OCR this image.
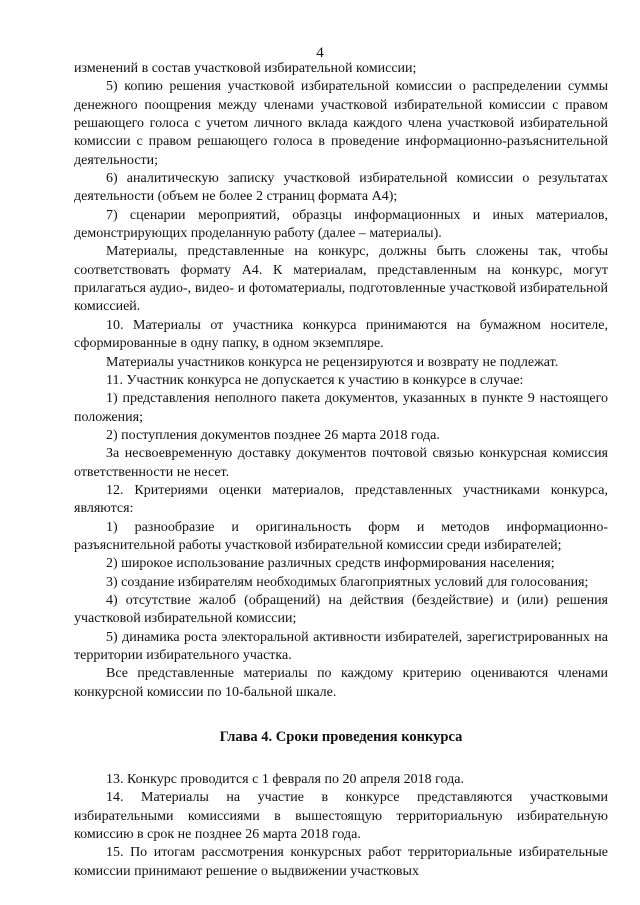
4

изменений в состав участковой избирательной комиссии;

5) копию решения участковой избирательной комиссии о распределении суммы денежного поощрения между членами участковой избирательной комиссии с правом решающего голоса с учетом личного вклада каждого члена участковой избирательной комиссии с правом решающего голоса в проведение информационно-разъяснительной деятельности;

6) аналитическую записку участковой избирательной комиссии о результатах деятельности (объем не более 2 страниц формата А4);

7) сценарии мероприятий, образцы информационных и иных материалов, демонстрирующих проделанную работу (далее – материалы).

Материалы, представленные на конкурс, должны быть сложены так, чтобы соответствовать формату А4. К материалам, представленным на конкурс, могут прилагаться аудио-, видео- и фотоматериалы, подготовленные участковой избирательной комиссией.

10. Материалы от участника конкурса принимаются на бумажном носителе, сформированные в одну папку, в одном экземпляре.

Материалы участников конкурса не рецензируются и возврату не подлежат.

11. Участник конкурса не допускается к участию в конкурсе в случае:

1) представления неполного пакета документов, указанных в пункте 9 настоящего положения;

2) поступления документов позднее 26 марта 2018 года.

За несвоевременную доставку документов почтовой связью конкурсная комиссия ответственности не несет.

12. Критериями оценки материалов, представленных участниками конкурса, являются:

1) разнообразие и оригинальность форм и методов информационно-разъяснительной работы участковой избирательной комиссии среди избирателей;

2) широкое использование различных средств информирования населения;

3) создание избирателям необходимых благоприятных условий для голосования;

4) отсутствие жалоб (обращений) на действия (бездействие) и (или) решения участковой избирательной комиссии;

5) динамика роста электоральной активности избирателей, зарегистрированных на территории избирательного участка.

Все представленные материалы по каждому критерию оцениваются членами конкурсной комиссии по 10-бальной шкале.

Глава 4. Сроки проведения конкурса

13. Конкурс проводится с 1 февраля по 20 апреля 2018 года.

14. Материалы на участие в конкурсе представляются участковыми избирательными комиссиями в вышестоящую территориальную избирательную комиссию в срок не позднее 26 марта 2018 года.

15. По итогам рассмотрения конкурсных работ территориальные избирательные комиссии принимают решение о выдвижении участковых
